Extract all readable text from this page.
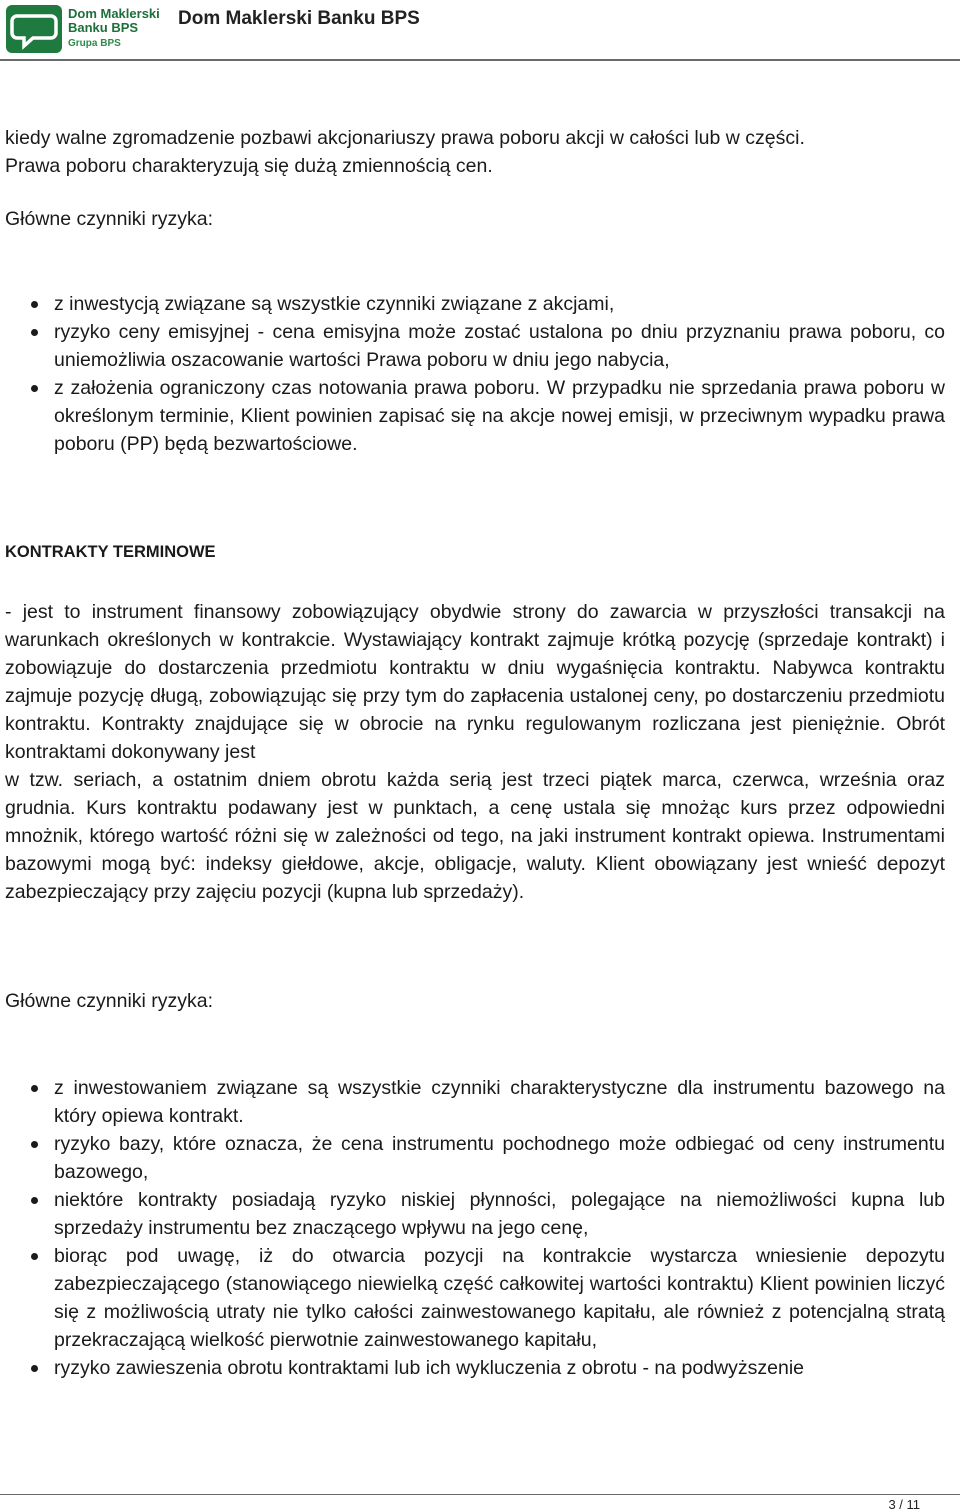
Dom Maklerski
Banku BPS
Grupa BPS
Dom Maklerski Banku BPS
kiedy walne zgromadzenie pozbawi akcjonariuszy prawa poboru akcji w całości lub w części.
Prawa poboru charakteryzują się dużą zmiennością cen.
Główne czynniki ryzyka:
z inwestycją związane są wszystkie czynniki związane z akcjami,
ryzyko ceny emisyjnej - cena emisyjna może zostać ustalona po dniu przyznaniu prawa poboru, co uniemożliwia oszacowanie wartości Prawa poboru w dniu jego nabycia,
z założenia ograniczony czas notowania prawa poboru. W przypadku nie sprzedania prawa poboru w określonym terminie, Klient powinien zapisać się na akcje nowej emisji, w przeciwnym wypadku prawa poboru (PP) będą bezwartościowe.
KONTRAKTY TERMINOWE
- jest to instrument finansowy zobowiązujący obydwie strony do zawarcia w przyszłości transakcji na warunkach określonych w kontrakcie. Wystawiający kontrakt zajmuje krótką pozycję (sprzedaje kontrakt) i zobowiązuje do dostarczenia przedmiotu kontraktu w dniu wygaśnięcia kontraktu. Nabywca kontraktu zajmuje pozycję długą, zobowiązując się przy tym do zapłacenia ustalonej ceny, po dostarczeniu przedmiotu kontraktu. Kontrakty znajdujące się w obrocie na rynku regulowanym rozliczana jest pieniężnie. Obrót kontraktami dokonywany jest
w tzw. seriach, a ostatnim dniem obrotu każda serią jest trzeci piątek marca, czerwca, września oraz grudnia. Kurs kontraktu podawany jest w punktach, a cenę ustala się mnożąc kurs przez odpowiedni mnożnik, którego wartość różni się w zależności od tego, na jaki instrument kontrakt opiewa. Instrumentami bazowymi mogą być: indeksy giełdowe, akcje, obligacje, waluty. Klient obowiązany jest wnieść depozyt zabezpieczający przy zajęciu pozycji (kupna lub sprzedaży).
Główne czynniki ryzyka:
z inwestowaniem związane są wszystkie czynniki charakterystyczne dla instrumentu bazowego na który opiewa kontrakt.
ryzyko bazy, które oznacza, że cena instrumentu pochodnego może odbiegać od ceny instrumentu bazowego,
niektóre kontrakty posiadają ryzyko niskiej płynności, polegające na niemożliwości kupna lub sprzedaży instrumentu bez znaczącego wpływu na jego cenę,
biorąc pod uwagę, iż do otwarcia pozycji na kontrakcie wystarcza wniesienie depozytu zabezpieczającego (stanowiącego niewielką część całkowitej wartości kontraktu) Klient powinien liczyć się z możliwością utraty nie tylko całości zainwestowanego kapitału, ale również z potencjalną stratą przekraczającą wielkość pierwotnie zainwestowanego kapitału,
ryzyko zawieszenia obrotu kontraktami lub ich wykluczenia z obrotu - na podwyższenie
3 / 11
